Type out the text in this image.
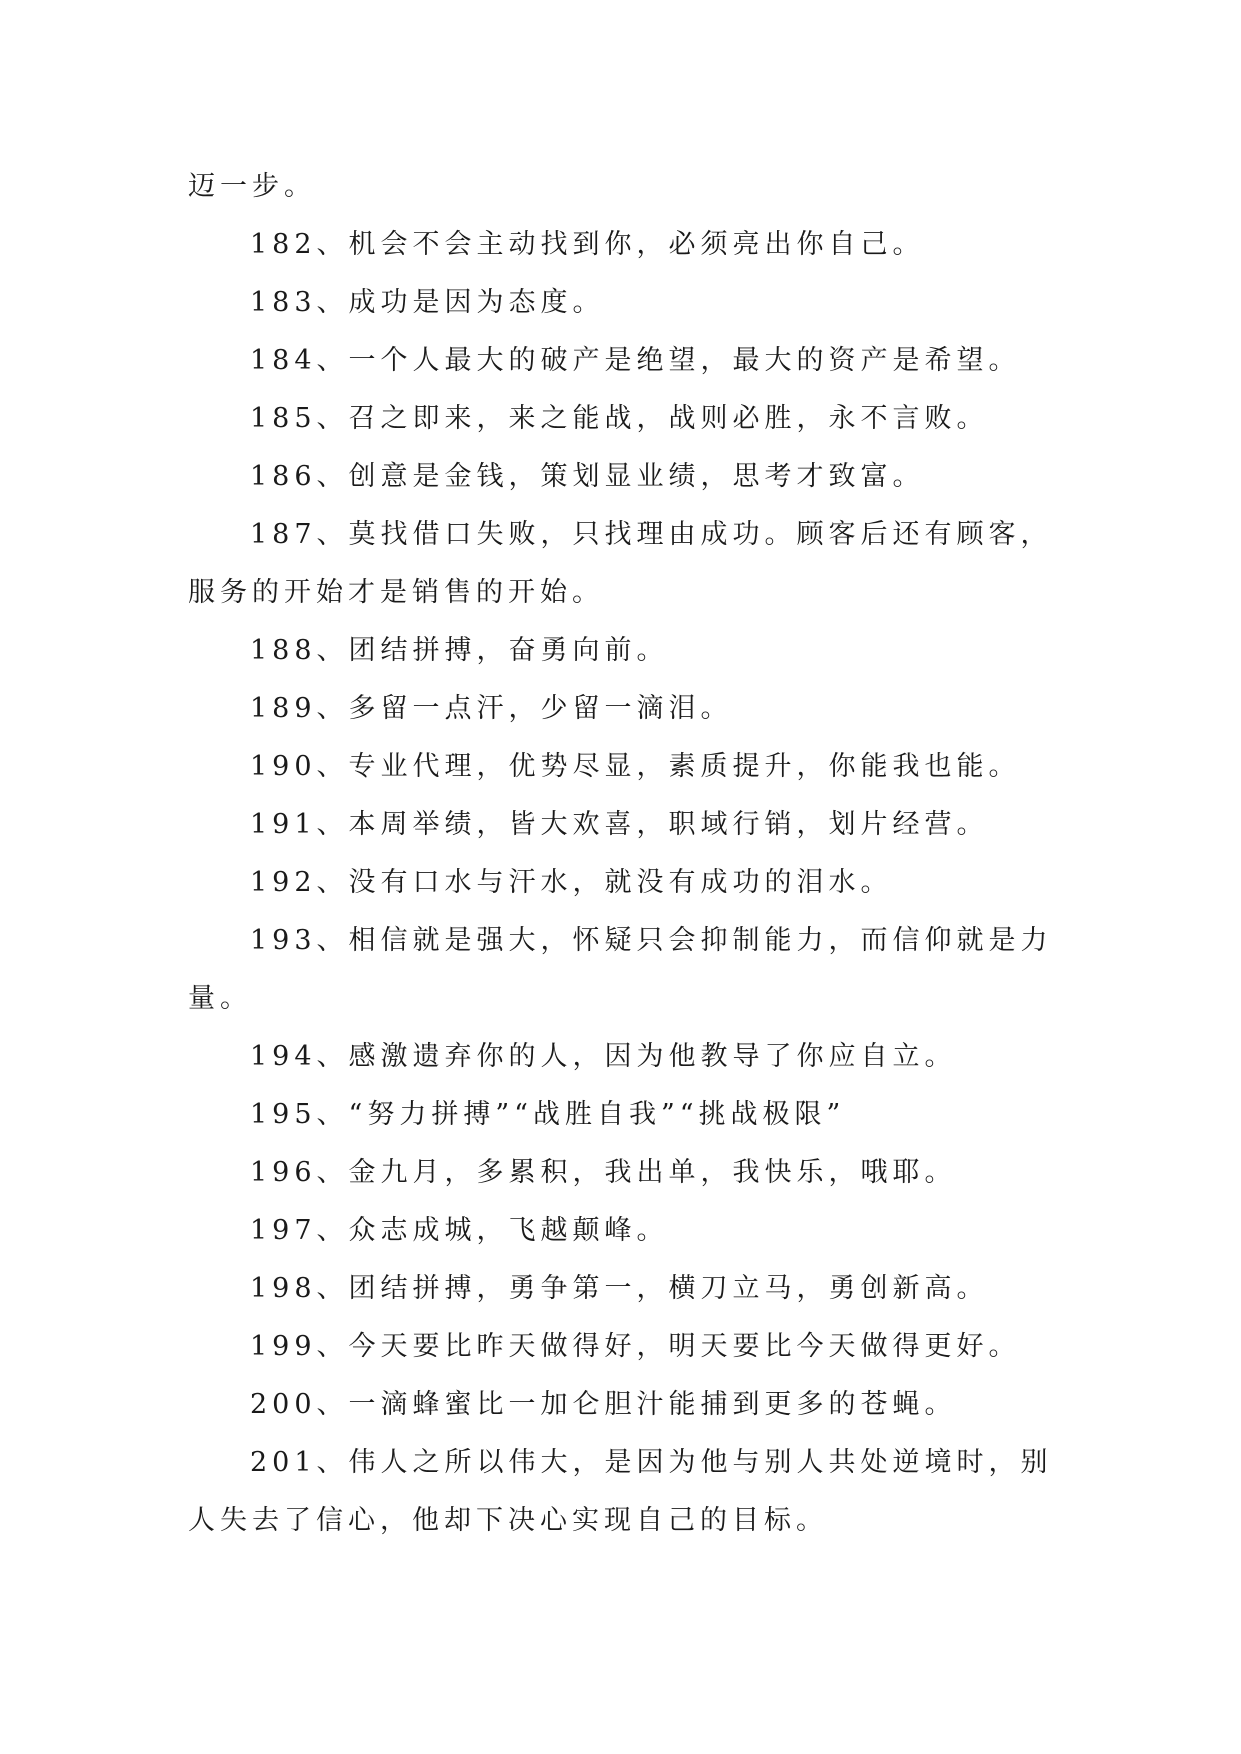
迈一步。

182、机会不会主动找到你，必须亮出你自己。

183、成功是因为态度。

184、一个人最大的破产是绝望，最大的资产是希望。

185、召之即来，来之能战，战则必胜，永不言败。

186、创意是金钱，策划显业绩，思考才致富。

187、莫找借口失败，只找理由成功。顾客后还有顾客，服务的开始才是销售的开始。

188、团结拼搏，奋勇向前。

189、多留一点汗，少留一滴泪。

190、专业代理，优势尽显，素质提升，你能我也能。

191、本周举绩，皆大欢喜，职域行销，划片经营。

192、没有口水与汗水，就没有成功的泪水。

193、相信就是强大，怀疑只会抑制能力，而信仰就是力量。

194、感激遗弃你的人，因为他教导了你应自立。

195、“努力拼搏”“战胜自我”“挑战极限”

196、金九月，多累积，我出单，我快乐，哦耶。

197、众志成城，飞越颠峰。

198、团结拼搏，勇争第一，横刀立马，勇创新高。

199、今天要比昨天做得好，明天要比今天做得更好。

200、一滴蜂蜜比一加仑胆汁能捕到更多的苍蝇。

201、伟人之所以伟大，是因为他与别人共处逆境时，别人失去了信心，他却下决心实现自己的目标。
